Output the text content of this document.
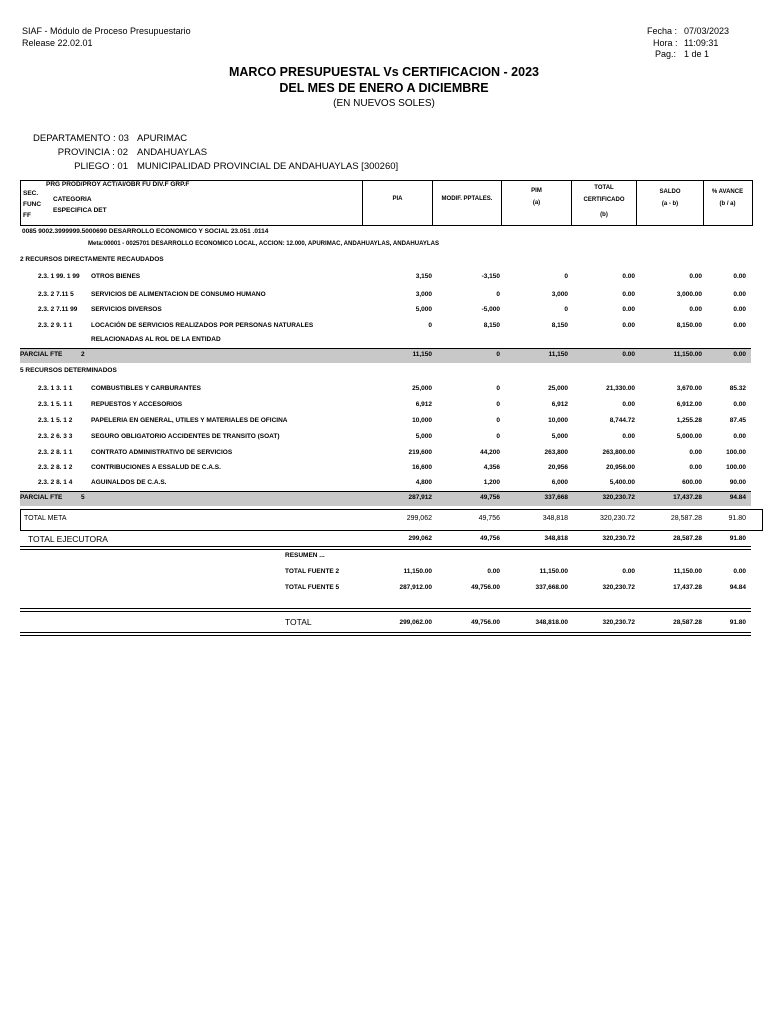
SIAF - Módulo de Proceso Presupuestario
Release 22.02.01
Fecha : 07/03/2023
Hora : 11:09:31
Pag.: 1 de 1
MARCO PRESUPUESTAL Vs CERTIFICACION - 2023
DEL MES DE ENERO A DICIEMBRE
(EN NUEVOS SOLES)
DEPARTAMENTO : 03 APURIMAC
PROVINCIA : 02 ANDAHUAYLAS
PLIEGO : 01 MUNICIPALIDAD PROVINCIAL DE ANDAHUAYLAS [300260]
PRG PROD/PROY ACT/AI/OBR FU DIV.F GRP.F
SEC.
CATEGORIA
FUNC
ESPECIFICA DET
FF
PIA	MODIF. PPTALES.
PIM
(a)
TOTAL
CERTIFICADO
(b)
SALDO
(a - b)
% AVANCE
(b / a)
0085 9002.3999999.5000690 DESARROLLO ECONOMICO Y SOCIAL 23.051 .0114
Meta:00001 - 0025701 DESARROLLO ECONOMICO LOCAL, ACCION: 12.000, APURIMAC, ANDAHUAYLAS, ANDAHUAYLAS
2 RECURSOS DIRECTAMENTE RECAUDADOS
2.3. 1 99. 1 99 OTROS BIENES	3,150	-3,150	0	0.00	0.00	0.00
2.3. 2 7.11 5	SERVICIOS DE ALIMENTACION DE CONSUMO HUMANO	3,000	0	3,000	0.00	3,000.00	0.00
2.3. 2 7.11 99 SERVICIOS DIVERSOS	5,000	-5,000	0	0.00	0.00	0.00
2.3. 2 9. 1 1	LOCACIÓN DE SERVICIOS REALIZADOS POR PERSONAS NATURALES
RELACIONADAS AL ROL DE LA ENTIDAD
0	8,150	8,150	0.00	8,150.00	0.00
PARCIAL FTE	2	11,150	0	11,150	0.00	11,150.00	0.00
5 RECURSOS DETERMINADOS
2.3. 1 3. 1 1	COMBUSTIBLES Y CARBURANTES	25,000	0	25,000	21,330.00	3,670.00	85.32
2.3. 1 5. 1 1	REPUESTOS Y ACCESORIOS	6,912	0	6,912	0.00	6,912.00	0.00
2.3. 1 5. 1 2	PAPELERIA EN GENERAL, UTILES Y MATERIALES DE OFICINA	10,000	0	10,000	8,744.72	1,255.28	87.45
2.3. 2 6. 3 3	SEGURO OBLIGATORIO ACCIDENTES DE TRANSITO (SOAT)	5,000	0	5,000	0.00	5,000.00	0.00
2.3. 2 8. 1 1	CONTRATO ADMINISTRATIVO DE SERVICIOS	219,600	44,200	263,800	263,800.00	0.00	100.00
2.3. 2 8. 1 2	CONTRIBUCIONES A ESSALUD DE C.A.S.	16,600	4,356	20,956	20,956.00	0.00	100.00
2.3. 2 8. 1 4	AGUINALDOS DE C.A.S.	4,800	1,200	6,000	5,400.00	600.00	90.00
PARCIAL FTE	5	287,912	49,756	337,668	320,230.72	17,437.28	94.84
TOTAL META	299,062	49,756	348,818	320,230.72	28,587.28	91.80
TOTAL EJECUTORA	299,062	49,756	348,818	320,230.72	28,587.28	91.80
RESUMEN ...
TOTAL FUENTE 2	11,150.00	0.00	11,150.00	0.00	11,150.00	0.00
TOTAL FUENTE 5	287,912.00	49,756.00	337,668.00	320,230.72	17,437.28	94.84
TOTAL	299,062.00	49,756.00	348,818.00	320,230.72	28,587.28	91.80
